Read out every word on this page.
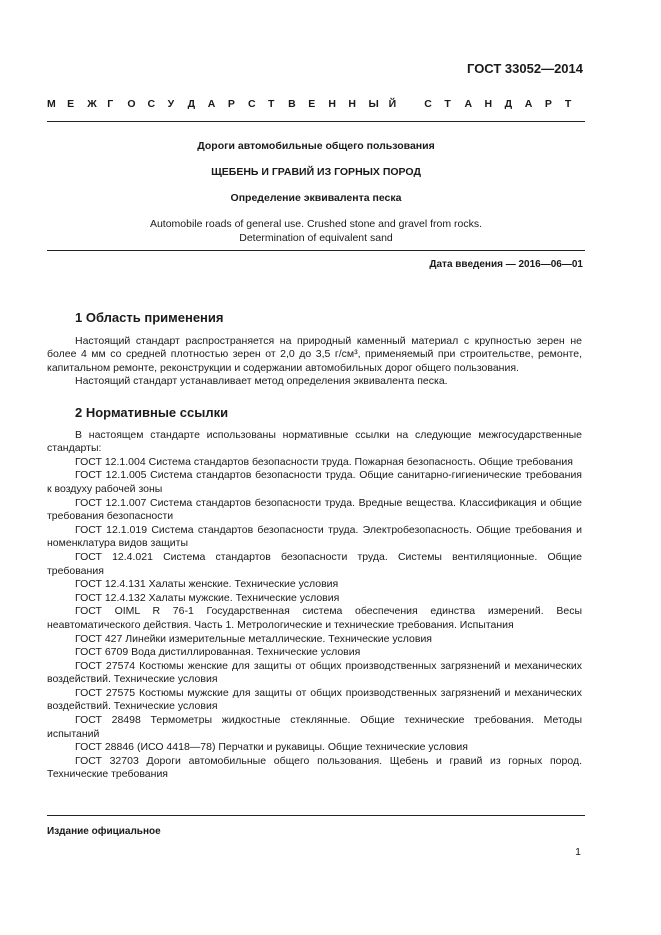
ГОСТ 33052—2014
М	Е	Ж	Г	О	С	У	Д	А	Р	С	Т	В	Е	Н	Н	Ы Й	С	Т	А	Н	Д	А	Р	Т
Дороги автомобильные общего пользования
ЩЕБЕНЬ И ГРАВИЙ ИЗ ГОРНЫХ ПОРОД
Определение эквивалента песка
Automobile roads of general use. Crushed stone and gravel from rocks.
Determination of equivalent sand
Дата введения — 2016—06—01

1 Область применения

Настоящий стандарт распространяется на природный каменный материал с крупностью зерен не более 4 мм со средней плотностью зерен от 2,0 до 3,5 г/см³, применяемый при строительстве, ремонте, капитальном ремонте, реконструкции и содержании автомобильных дорог общего пользования.

Настоящий стандарт устанавливает метод определения эквивалента песка.

2 Нормативные ссылки

В настоящем стандарте использованы нормативные ссылки на следующие межгосударственные стандарты:

ГОСТ 12.1.004 Система стандартов безопасности труда. Пожарная безопасность. Общие требования

ГОСТ 12.1.005 Система стандартов безопасности труда. Общие санитарно-гигиенические требования к воздуху рабочей зоны

ГОСТ 12.1.007 Система стандартов безопасности труда. Вредные вещества. Классификация и общие требования безопасности

ГОСТ 12.1.019 Система стандартов безопасности труда. Электробезопасность. Общие требования и номенклатура видов защиты

ГОСТ 12.4.021 Система стандартов безопасности труда. Системы вентиляционные. Общие требования

ГОСТ 12.4.131 Халаты женские. Технические условия

ГОСТ 12.4.132 Халаты мужские. Технические условия

ГОСТ OIML R 76-1 Государственная система обеспечения единства измерений. Весы неавтоматического действия. Часть 1. Метрологические и технические требования. Испытания

ГОСТ 427 Линейки измерительные металлические. Технические условия

ГОСТ 6709 Вода дистиллированная. Технические условия

ГОСТ 27574 Костюмы женские для защиты от общих производственных загрязнений и механических воздействий. Технические условия

ГОСТ 27575 Костюмы мужские для защиты от общих производственных загрязнений и механических воздействий. Технические условия

ГОСТ 28498 Термометры жидкостные стеклянные. Общие технические требования. Методы испытаний

ГОСТ 28846 (ИСО 4418—78) Перчатки и рукавицы. Общие технические условия

ГОСТ 32703 Дороги автомобильные общего пользования. Щебень и гравий из горных пород. Технические требования

Издание официальное
1
